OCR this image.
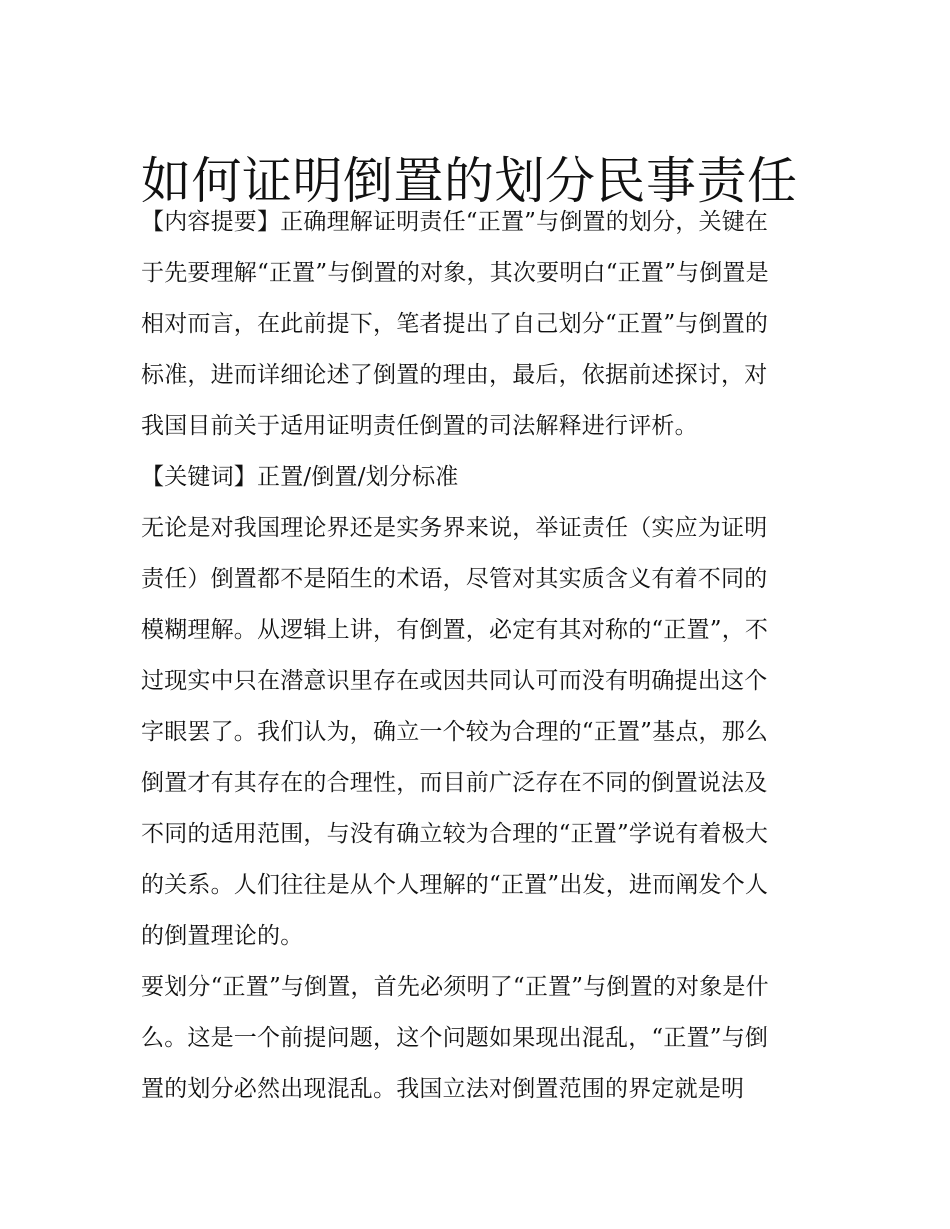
如何证明倒置的划分民事责任
【内容提要】正确理解证明责任“正置”与倒置的划分，关键在
于先要理解“正置”与倒置的对象，其次要明白“正置”与倒置是
相对而言，在此前提下，笔者提出了自己划分“正置”与倒置的
标准，进而详细论述了倒置的理由，最后，依据前述探讨，对
我国目前关于适用证明责任倒置的司法解释进行评析。
【关键词】正置/倒置/划分标准
无论是对我国理论界还是实务界来说，举证责任（实应为证明
责任）倒置都不是陌生的术语，尽管对其实质含义有着不同的
模糊理解。从逻辑上讲，有倒置，必定有其对称的“正置”，不
过现实中只在潜意识里存在或因共同认可而没有明确提出这个
字眼罢了。我们认为，确立一个较为合理的“正置”基点，那么
倒置才有其存在的合理性，而目前广泛存在不同的倒置说法及
不同的适用范围，与没有确立较为合理的“正置”学说有着极大
的关系。人们往往是从个人理解的“正置”出发，进而阐发个人
的倒置理论的。
要划分“正置”与倒置，首先必须明了“正置”与倒置的对象是什
么。这是一个前提问题，这个问题如果现出混乱，“正置”与倒
置的划分必然出现混乱。我国立法对倒置范围的界定就是明
